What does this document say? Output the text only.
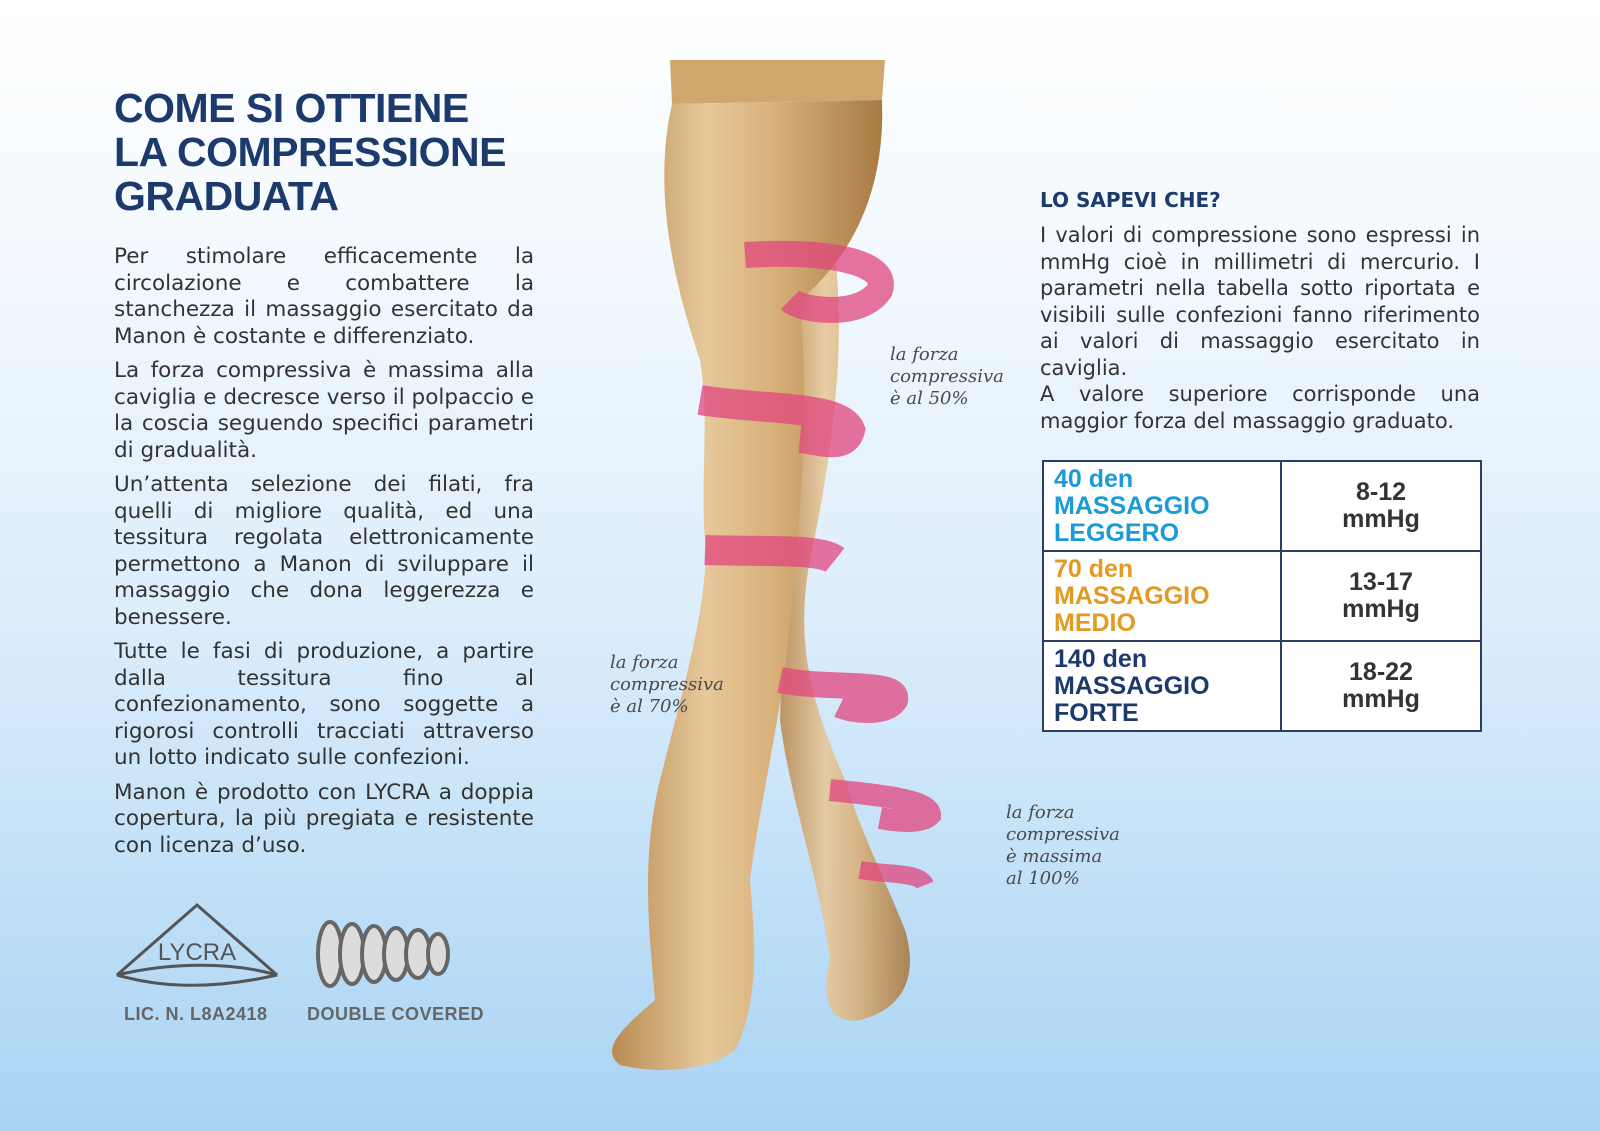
COME SI OTTIENE
LA COMPRESSIONE
GRADUATA

Per stimolare efficacemente la circolazione e combattere la stanchezza il massaggio esercitato da Manon è costante e differenziato.

La forza compressiva è massima alla caviglia e decresce verso il polpaccio e la coscia seguendo specifici parametri di gradualità.

Un’attenta selezione dei filati, fra quelli di migliore qualità, ed una tessitura regolata elettronicamente permettono a Manon di sviluppare il massaggio che dona leggerezza e benessere.

Tutte le fasi di produzione, a partire dalla tessitura fino al confezionamento, sono soggette a rigorosi controlli tracciati attraverso un lotto indicato sulle confezioni.

Manon è prodotto con LYCRA a doppia copertura, la più pregiata e resistente con licenza d’uso.

la forza
compressiva
è al 50%
la forza
compressiva
è al 70%
la forza
compressiva
è massima
al 100%
LO SAPEVI CHE?

I valori di compressione sono espressi in mmHg cioè in millimetri di mercurio. I parametri nella tabella sotto riportata e visibili sulle confezioni fanno riferimento ai valori di massaggio esercitato in caviglia.

A valore superiore corrisponde una maggior forza del massaggio graduato.

40 den
MASSAGGIO
LEGGERO	8-12
mmHg

70 den
MASSAGGIO
MEDIO	13-17
mmHg

140 den
MASSAGGIO
FORTE	18-22
mmHg
LYCRA
LIC. N. L8A2418 DOUBLE COVERED
